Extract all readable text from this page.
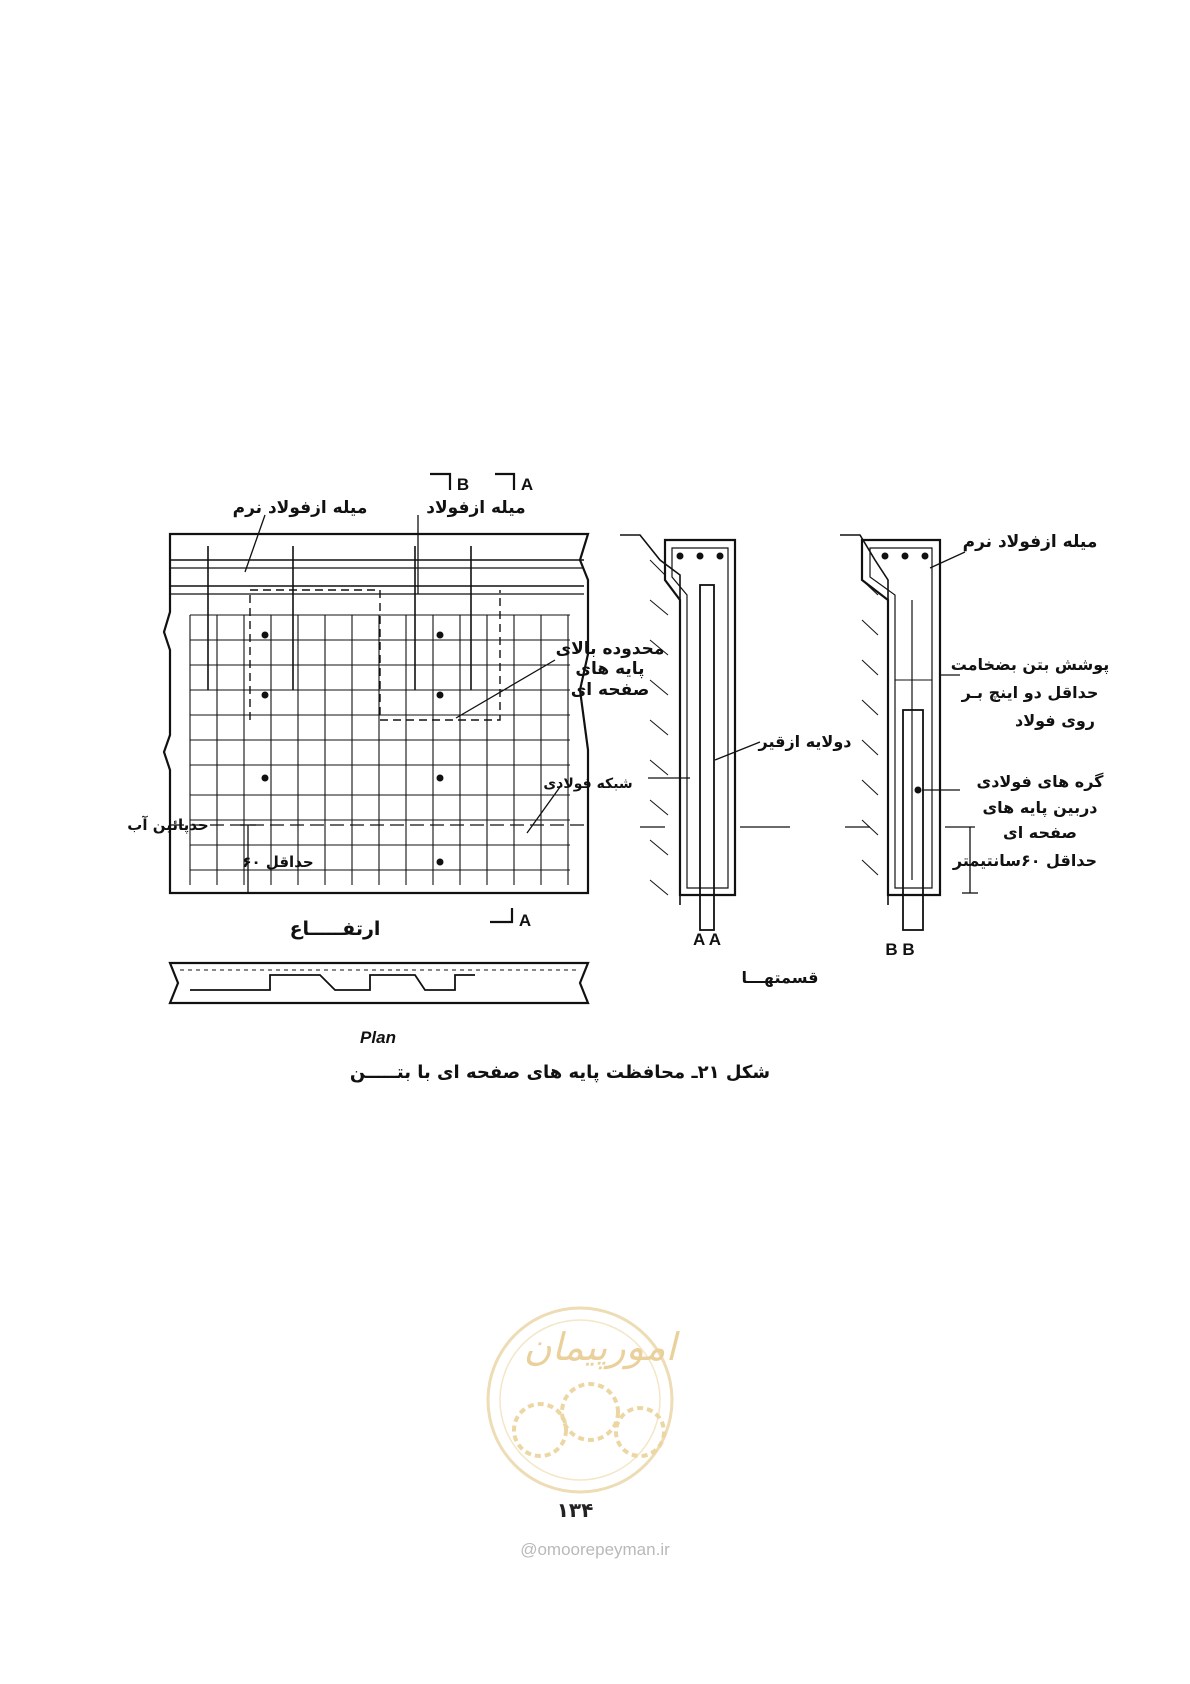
میله ازفولاد نرم	میله ازفولاد
محدوده بالای
پایه های
صفحه ای
شبکه فولادی
حدپائین آب
حداقل ۶۰
ارتفـــــاع
B	A
A
Plan
A A
دولایه ازقیر
B B
میله ازفولاد نرم
پوشش بتن بضخامت
حداقل دو اینچ بـر
روی فولاد
گره های فولادی
دربین پایه های
صفحه ای
حداقل ۶۰سانتیمتر
قسمتهـــا
امورپیمان
شکل ۲۱ـ محافظت پایه های صفحه ای با بتـــــن
۱۳۴
@omoorepeyman.ir
